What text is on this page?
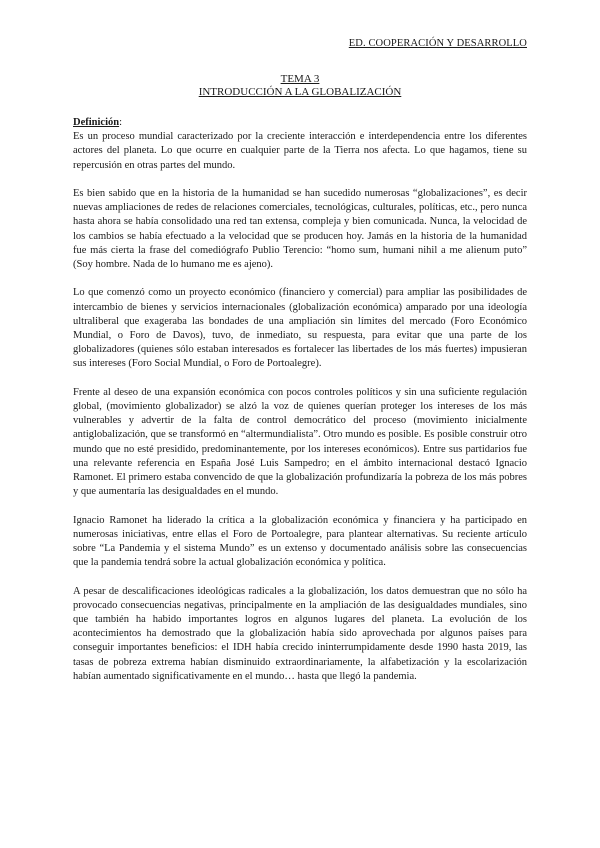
ED. COOPERACIÓN Y DESARROLLO
TEMA 3
INTRODUCCIÓN A LA GLOBALIZACIÓN

Definición:
Es un proceso mundial caracterizado por la creciente interacción e interdependencia entre los diferentes actores del planeta. Lo que ocurre en cualquier parte de la Tierra nos afecta. Lo que hagamos, tiene su repercusión en otras partes del mundo.

Es bien sabido que en la historia de la humanidad se han sucedido numerosas “globalizaciones”, es decir nuevas ampliaciones de redes de relaciones comerciales, tecnológicas, culturales, políticas, etc., pero nunca hasta ahora se había consolidado una red tan extensa, compleja y bien comunicada. Nunca, la velocidad de los cambios se había efectuado a la velocidad que se producen hoy. Jamás en la historia de la humanidad fue más cierta la frase del comediógrafo Publio Terencio: “homo sum, humani nihil a me alienum puto” (Soy hombre. Nada de lo humano me es ajeno).

Lo que comenzó como un proyecto económico (financiero y comercial) para ampliar las posibilidades de intercambio de bienes y servicios internacionales (globalización económica) amparado por una ideología ultraliberal que exageraba las bondades de una ampliación sin límites del mercado (Foro Económico Mundial, o Foro de Davos), tuvo, de inmediato, su respuesta, para evitar que una parte de los globalizadores (quienes sólo estaban interesados es fortalecer las libertades de los más fuertes) impusieran sus intereses (Foro Social Mundial, o Foro de Portoalegre).

Frente al deseo de una expansión económica con pocos controles políticos y sin una suficiente regulación global, (movimiento globalizador) se alzó la voz de quienes querían proteger los intereses de los más vulnerables y advertir de la falta de control democrático del proceso (movimiento inicialmente antiglobalización, que se transformó en “altermundialista”. Otro mundo es posible. Es posible construir otro mundo que no esté presidido, predominantemente, por los intereses económicos). Entre sus partidarios fue una relevante referencia en España José Luis Sampedro; en el ámbito internacional destacó Ignacio Ramonet. El primero estaba convencido de que la globalización profundizaría la pobreza de los más pobres y que aumentaría las desigualdades en el mundo.

Ignacio Ramonet ha liderado la crítica a la globalización económica y financiera y ha participado en numerosas iniciativas, entre ellas el Foro de Portoalegre, para plantear alternativas. Su reciente artículo sobre “La Pandemia y el sistema Mundo” es un extenso y documentado análisis sobre las consecuencias que la pandemia tendrá sobre la actual globalización económica y política.

A pesar de descalificaciones ideológicas radicales a la globalización, los datos demuestran que no sólo ha provocado consecuencias negativas, principalmente en la ampliación de las desigualdades mundiales, sino que también ha habido importantes logros en algunos lugares del planeta. La evolución de los acontecimientos ha demostrado que la globalización había sido aprovechada por algunos países para conseguir importantes beneficios: el IDH había crecido ininterrumpidamente desde 1990 hasta 2019, las tasas de pobreza extrema habían disminuido extraordinariamente, la alfabetización y la escolarización habían aumentado significativamente en el mundo… hasta que llegó la pandemia.
